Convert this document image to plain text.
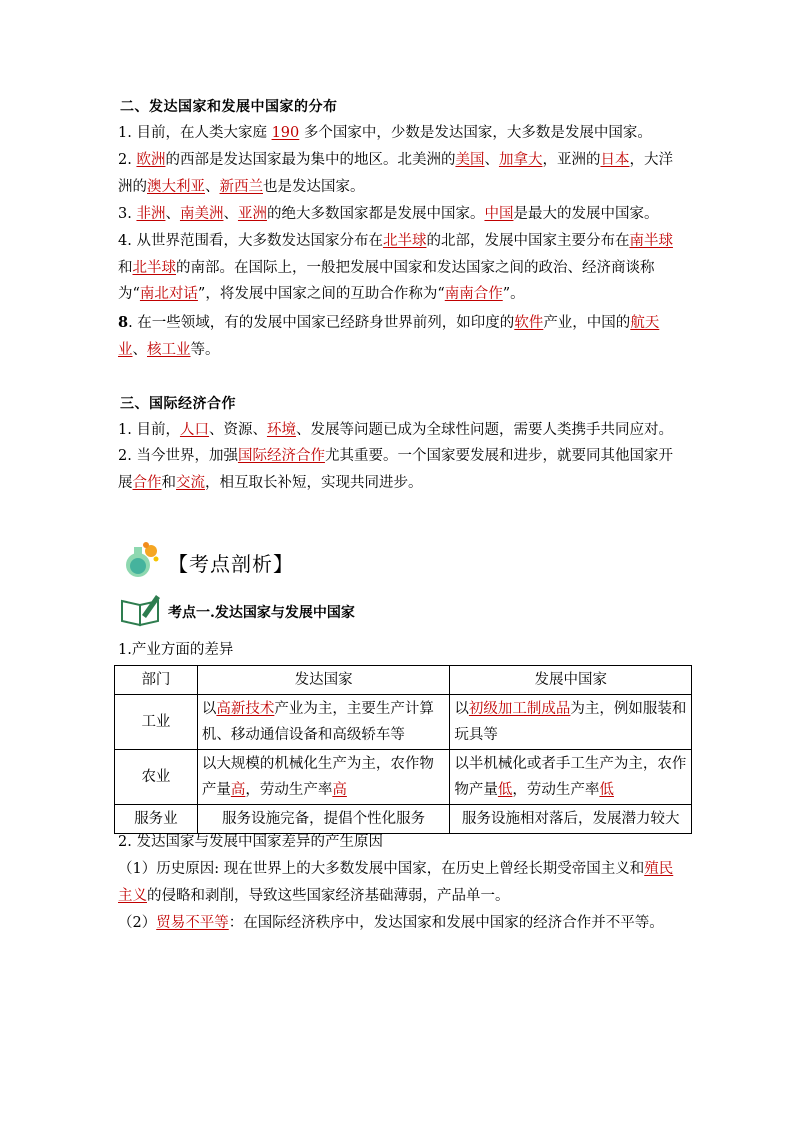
二、发达国家和发展中国家的分布
1. 目前，在人类大家庭 190 多个国家中，少数是发达国家，大多数是发展中国家。
2. 欧洲的西部是发达国家最为集中的地区。北美洲的美国、加拿大，亚洲的日本，大洋洲的澳大利亚、新西兰也是发达国家。
3. 非洲、南美洲、亚洲的绝大多数国家都是发展中国家。中国是最大的发展中国家。
4. 从世界范围看，大多数发达国家分布在北半球的北部，发展中国家主要分布在南半球和北半球的南部。在国际上，一般把发展中国家和发达国家之间的政治、经济商谈称为“南北对话”，将发展中国家之间的互助合作称为“南南合作”。
8. 在一些领域，有的发展中国家已经跻身世界前列，如印度的软件产业，中国的航天业、核工业等。
三、国际经济合作
1. 目前，人口、资源、环境、发展等问题已成为全球性问题，需要人类携手共同应对。
2. 当今世界，加强国际经济合作尤其重要。一个国家要发展和进步，就要同其他国家开展合作和交流，相互取长补短，实现共同进步。
【考点剖析】
考点一.发达国家与发展中国家
1.产业方面的差异
部门	发达国家	发展中国家
工业	以高新技术产业为主，主要生产计算机、移动通信设备和高级轿车等	以初级加工制成品为主，例如服装和玩具等
农业	以大规模的机械化生产为主，农作物产量高，劳动生产率高	以半机械化或者手工生产为主，农作物产量低，劳动生产率低
服务业	服务设施完备，提倡个性化服务	服务设施相对落后，发展潜力较大
2. 发达国家与发展中国家差异的产生原因
（1）历史原因: 现在世界上的大多数发展中国家，在历史上曾经长期受帝国主义和殖民主义的侵略和剥削，导致这些国家经济基础薄弱，产品单一。
（2）贸易不平等：在国际经济秩序中，发达国家和发展中国家的经济合作并不平等。
